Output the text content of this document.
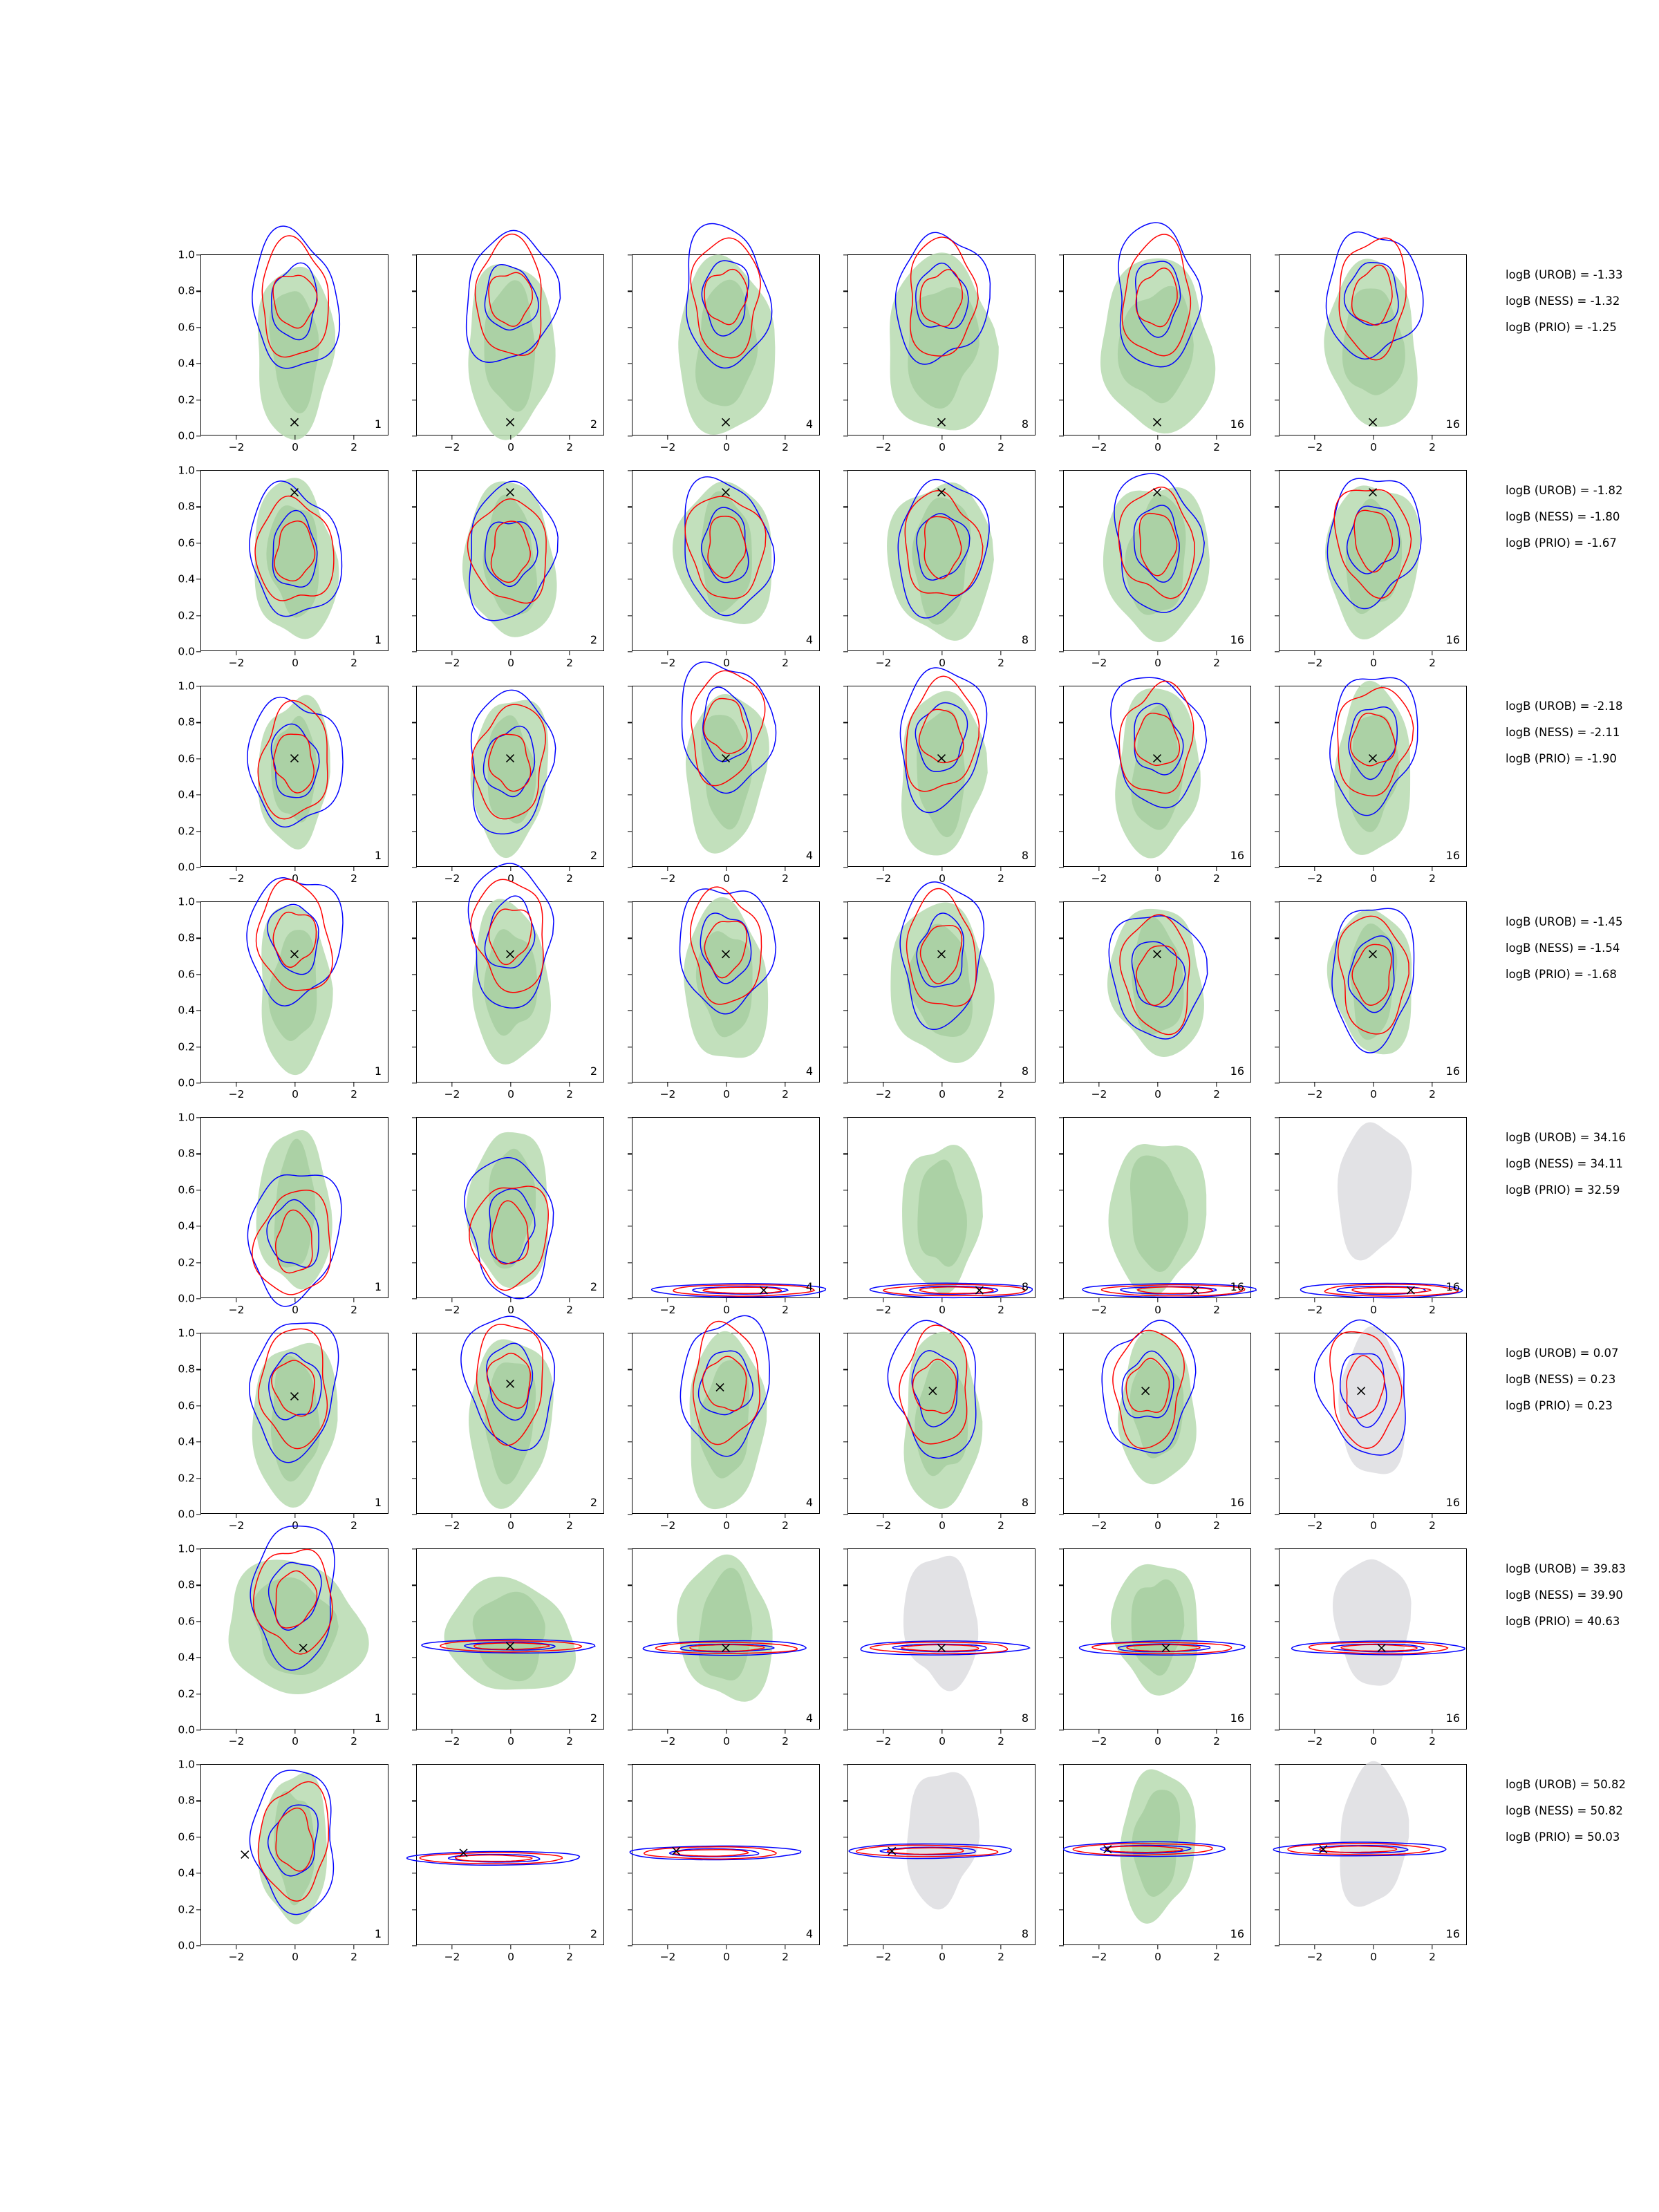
0.0
0.2
0.4
0.6
0.8
1.0
−2	0	2
1
−2	0	2
2
−2	0	2
4
−2	0	2
8
−2	0	2
16
−2	0	2
16
0.0
0.2
0.4
0.6
0.8
1.0
−2	0	2
1
−2	0	2
2
−2	0	2
4
−2	0	2
8
−2	0	2
16
−2	0	2
16
0.0
0.2
0.4
0.6
0.8
1.0
−2	0	2
1
−2	0	2
2
−2	0	2
4
−2	0	2
8
−2	0	2
16
−2	0	2
16
0.0
0.2
0.4
0.6
0.8
1.0
−2	0	2
1
−2	0	2
2
−2	0	2
4
−2	0	2
8
−2	0	2
16
−2	0	2
16
0.0
0.2
0.4
0.6
0.8
1.0
−2	0	2
1
−2	0	2
2
−2	0	2
4
−2	0	2
8
−2	0	2
16
−2	0	2
16
0.0
0.2
0.4
0.6
0.8
1.0
−2	0	2
1
−2	0	2
2
−2	0	2
4
−2	0	2
8
−2	0	2
16
−2	0	2
16
0.0
0.2
0.4
0.6
0.8
1.0
−2	0	2
1
−2	0	2
2
−2	0	2
4
−2	0	2
8
−2	0	2
16
−2	0	2
16
0.0
0.2
0.4
0.6
0.8
1.0
−2	0	2
1
−2	0	2
2
−2	0	2
4
−2	0	2
8
−2	0	2
16
−2	0	2
16
logB (UROB) = -1.33
logB (NESS) = -1.32
logB (PRIO) = -1.25
logB (UROB) = -1.82
logB (NESS) = -1.80
logB (PRIO) = -1.67
logB (UROB) = -2.18
logB (NESS) = -2.11
logB (PRIO) = -1.90
logB (UROB) = -1.45
logB (NESS) = -1.54
logB (PRIO) = -1.68
logB (UROB) = 34.16
logB (NESS) = 34.11
logB (PRIO) = 32.59
logB (UROB) = 0.07
logB (NESS) = 0.23
logB (PRIO) = 0.23
logB (UROB) = 39.83
logB (NESS) = 39.90
logB (PRIO) = 40.63
logB (UROB) = 50.82
logB (NESS) = 50.82
logB (PRIO) = 50.03
